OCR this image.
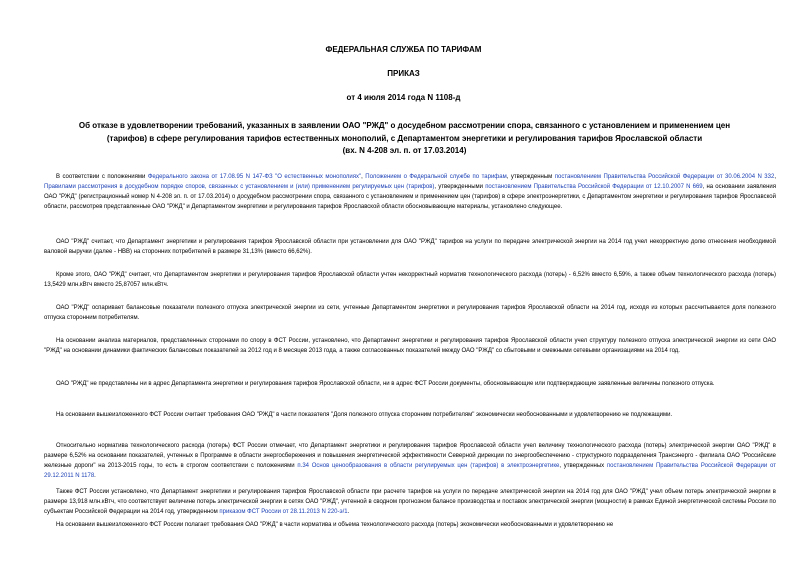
ФЕДЕРАЛЬНАЯ СЛУЖБА ПО ТАРИФАМ
ПРИКАЗ
от 4 июля 2014 года N 1108-д
Об отказе в удовлетворении требований, указанных в заявлении ОАО "РЖД" о досудебном рассмотрении спора, связанного с установлением и применением цен
(тарифов) в сфере регулирования тарифов естественных монополий, с Департаментом энергетики и регулирования тарифов Ярославской области
(вх. N 4-208 эл. п. от 17.03.2014)

В соответствии с положениями Федерального закона от 17.08.95 N 147-ФЗ "О естественных монополиях", Положением о Федеральной службе по тарифам, утвержденным постановлением Правительства Российской Федерации от 30.06.2004 N 332, Правилами рассмотрения в досудебном порядке споров, связанных с установлением и (или) применением регулируемых цен (тарифов), утвержденными постановлением Правительства Российской Федерации от 12.10.2007 N 669, на основании заявления ОАО "РЖД" (регистрационный номер N 4-208 эл. п. от 17.03.2014) о досудебном рассмотрении спора, связанного с установлением и применением цен (тарифов) в сфере электроэнергетики, с Департаментом энергетики и регулирования тарифов Ярославской области, рассмотрев представленные ОАО "РЖД" и Департаментом энергетики и регулирования тарифов Ярославской области обосновывающие материалы, установлено следующее.

ОАО "РЖД" считает, что Департамент энергетики и регулирования тарифов Ярославской области при установлении для ОАО "РЖД" тарифов на услуги по передаче электрической энергии на 2014 год учел некорректную долю отнесения необходимой валовой выручки (далее - НВВ) на сторонних потребителей в размере 31,13% (вместо 66,62%).

Кроме этого, ОАО "РЖД" считает, что Департаментом энергетики и регулирования тарифов Ярославской области учтен некорректный норматив технологического расхода (потерь) - 6,52% вместо 6,59%, а также объем технологического расхода (потерь) 13,5429 млн.кВтч вместо 25,87057 млн.кВтч.

ОАО "РЖД" оспаривает балансовые показатели полезного отпуска электрической энергии из сети, учтенные Департаментом энергетики и регулирования тарифов Ярославской области на 2014 год, исходя из которых рассчитывается доля полезного отпуска сторонним потребителям.

На основании анализа материалов, представленных сторонами по спору в ФСТ России, установлено, что Департамент энергетики и регулирования тарифов Ярославской области учел структуру полезного отпуска электрической энергии из сети ОАО "РЖД" на основании динамики фактических балансовых показателей за 2012 год и 8 месяцев 2013 года, а также согласованных показателей между ОАО "РЖД" со сбытовыми и смежными сетевыми организациями на 2014 год.

ОАО "РЖД" не представлены ни в адрес Департамента энергетики и регулирования тарифов Ярославской области, ни в адрес ФСТ России документы, обосновывающие или подтверждающие заявленные величины полезного отпуска.

На основании вышеизложенного ФСТ России считает требования ОАО "РЖД" в части показателя "Доля полезного отпуска сторонним потребителям" экономически необоснованными и удовлетворению не подлежащими.

Относительно норматива технологического расхода (потерь) ФСТ России отмечает, что Департамент энергетики и регулирования тарифов Ярославской области учел величину технологического расхода (потерь) электрической энергии ОАО "РЖД" в размере 6,52% на основании показателей, учтенных в Программе в области энергосбережения и повышения энергетической эффективности Северной дирекции по энергообеспечению - структурного подразделения Трансэнерго - филиала ОАО "Российские железные дороги" на 2013-2015 годы, то есть в строгом соответствии с положениями п.34 Основ ценообразования в области регулируемых цен (тарифов) в электроэнергетике, утвержденных постановлением Правительства Российской Федерации от 29.12.2011 N 1178.

Также ФСТ России установлено, что Департамент энергетики и регулирования тарифов Ярославской области при расчете тарифов на услуги по передаче электрической энергии на 2014 год для ОАО "РЖД" учел объем потерь электрической энергии в размере 13,918 млн.кВтч, что соответствует величине потерь электрической энергии в сетях ОАО "РЖД", учтенной в сводном прогнозном балансе производства и поставок электрической энергии (мощности) в рамках Единой энергетической системы России по субъектам Российской Федерации на 2014 год, утвержденном приказом ФСТ России от 28.11.2013 N 220-э/1.

На основании вышеизложенного ФСТ России полагает требования ОАО "РЖД" в части норматива и объема технологического расхода (потерь) экономически необоснованными и удовлетворению не
